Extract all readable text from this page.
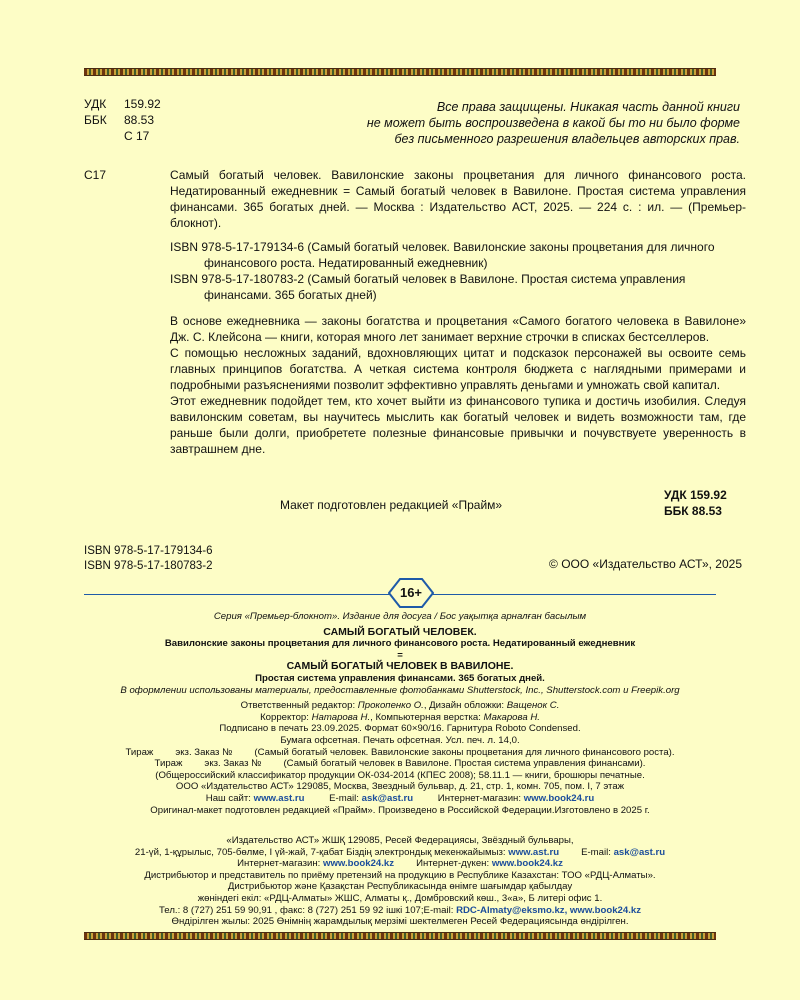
УДК	159.92
ББК	88.53
С 17
Все права защищены. Никакая часть данной книги
не может быть воспроизведена в какой бы то ни было форме
без письменного разрешения владельцев авторских прав.
С17	Самый богатый человек. Вавилонские законы процветания для личного финансового роста. Недатированный ежедневник = Самый богатый человек в Вавилоне. Простая система управления финансами. 365 богатых дней. — Москва : Издательство АСТ, 2025. — 224 с. : ил. — (Премьер-блокнот).
ISBN 978-5-17-179134-6 (Самый богатый человек. Вавилонские законы процветания для личного финансового роста. Недатированный ежедневник)
ISBN 978-5-17-180783-2 (Самый богатый человек в Вавилоне. Простая система управления финансами. 365 богатых дней)

В основе ежедневника — законы богатства и процветания «Самого богатого человека в Вавилоне» Дж. С. Клейсона — книги, которая много лет занимает верхние строчки в списках бестселлеров.

С помощью несложных заданий, вдохновляющих цитат и подсказок персонажей вы освоите семь главных принципов богатства. А четкая система контроля бюджета с наглядными примерами и подробными разъяснениями позволит эффективно управлять деньгами и умножать свой капитал.

Этот ежедневник подойдет тем, кто хочет выйти из финансового тупика и достичь изобилия. Следуя вавилонским советам, вы научитесь мыслить как богатый человек и видеть возможности там, где раньше были долги, приобретете полезные финансовые привычки и почувствуете уверенность в завтрашнем дне.

Макет подготовлен редакцией «Прайм»
УДК 159.92
ББК 88.53
ISBN 978-5-17-179134-6
ISBN 978-5-17-180783-2	© ООО «Издательство АСТ», 2025
16+
Серия «Премьер-блокнот». Издание для досуга / Бос уақытқа арналған басылым
САМЫЙ БОГАТЫЙ ЧЕЛОВЕК.
Вавилонские законы процветания для личного финансового роста. Недатированный ежедневник
=
САМЫЙ БОГАТЫЙ ЧЕЛОВЕК В ВАВИЛОНЕ.
Простая система управления финансами. 365 богатых дней.
В оформлении использованы материалы, предоставленные фотобанками Shutterstock, Inc., Shutterstock.com и Freepik.org
Ответственный редактор: Прокопенко О., Дизайн обложки: Ващенок С.
Корректор: Натарова Н., Компьютерная верстка: Макарова Н.
Подписано в печать 23.09.2025. Формат 60×90/16. Гарнитура Roboto Condensed.
Бумага офсетная. Печать офсетная. Усл. печ. л. 14,0.
Тираж экз. Заказ № (Самый богатый человек. Вавилонские законы процветания для личного финансового роста).
Тираж экз. Заказ № (Самый богатый человек в Вавилоне. Простая система управления финансами).
(Общероссийский классификатор продукции ОК-034-2014 (КПЕС 2008); 58.11.1 — книги, брошюры печатные.
ООО «Издательство АСТ» 129085, Москва, Звездный бульвар, д. 21, стр. 1, комн. 705, пом. I, 7 этаж
Наш сайт: www.ast.ru	E-mail: ask@ast.ru	Интернет-магазин: www.book24.ru
Оригинал-макет подготовлен редакцией «Прайм». Произведено в Российской Федерации.Изготовлено в 2025 г.
«Издательство АСТ» ЖШҚ 129085, Ресей Федерациясы, Звёздный бульвары,
21-үй, 1-құрылыс, 705-бөлме, I үй-жай, 7-қабат Біздің электрондық мекенжайымыз: www.ast.ru E-mail: ask@ast.ru
Интернет-магазин: www.book24.kz Интернет-дүкен: www.book24.kz
Дистрибьютор и представитель по приёму претензий на продукцию в Республике Казахстан: ТОО «РДЦ-Алматы».
Дистрибьютор және Қазақстан Республикасында өнімге шағымдар қабылдау
жөніндегі екіл: «РДЦ-Алматы» ЖШС, Алматы қ., Домбровский көш., 3«а», Б литері офис 1.
Тел.: 8 (727) 251 59 90,91 , факс: 8 (727) 251 59 92 ішкі 107;E-mail: RDC-Almaty@eksmo.kz, www.book24.kz
Өндірілген жылы: 2025 Өнімнің жарамдылық мерзімі шектелмеген Ресей Федерациясында өндірілген.
